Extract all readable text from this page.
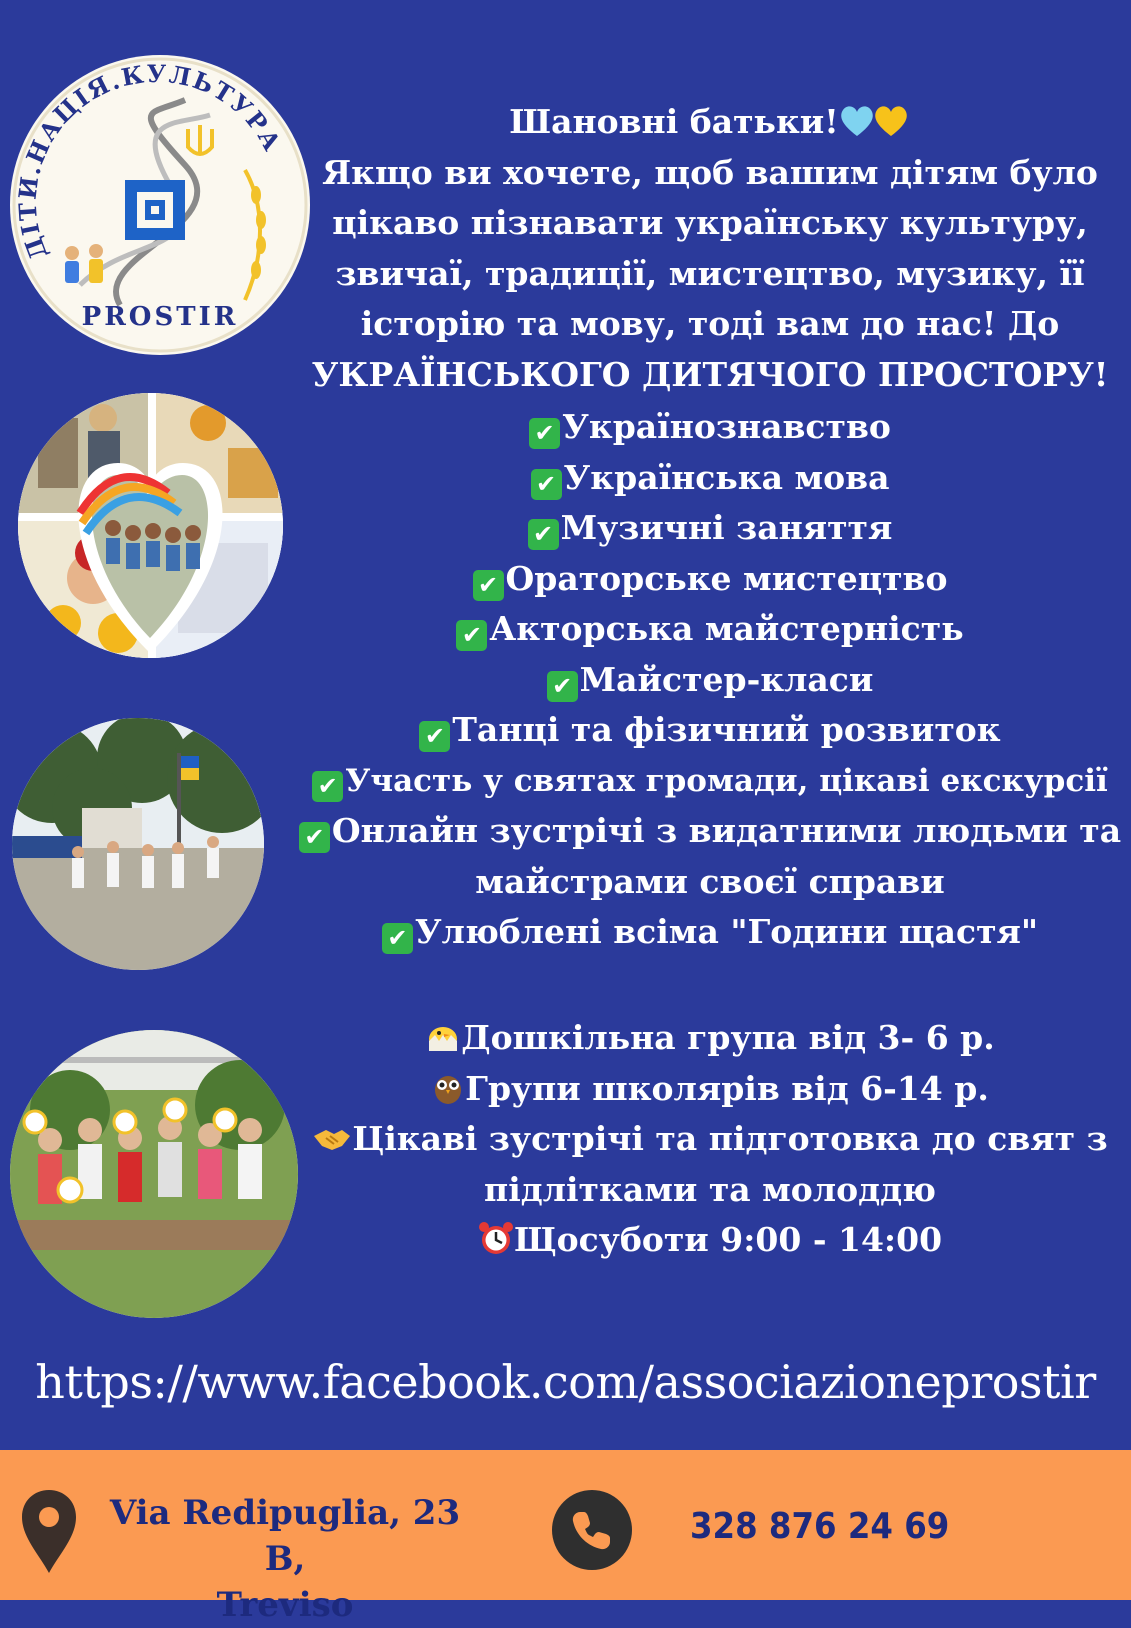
ДІТИ.НАЦІЯ.КУЛЬТУРА
PROSTIR
Шановні батьки!
Якщо ви хочете, щоб вашим дітям було
цікаво пізнавати українську культуру,
звичаї, традиції, мистецтво, музику, її
історію та мову, тоді вам до нас! До
УКРАЇНСЬКОГО ДИТЯЧОГО ПРОСТОРУ!
✔ Українознавство
✔ Українська мова
✔ Музичні заняття
✔ Ораторське мистецтво
✔ Акторська майстерність
✔ Майстер-класи
✔ Танці та фізичний розвиток
✔ Участь у святах громади, цікаві екскурсії
✔ Онлайн зустрічі з видатними людьми та
майстрами своєї справи
✔ Улюблені всіма "Години щастя"
Дошкільна група від 3- 6 р.
Групи школярів від 6-14 р.
Цікаві зустрічі та підготовка до свят з
підлітками та молоддю
Щосуботи 9:00 - 14:00
https://www.facebook.com/associazioneprostir
Via Redipuglia, 23 B,
Treviso
328 876 24 69
